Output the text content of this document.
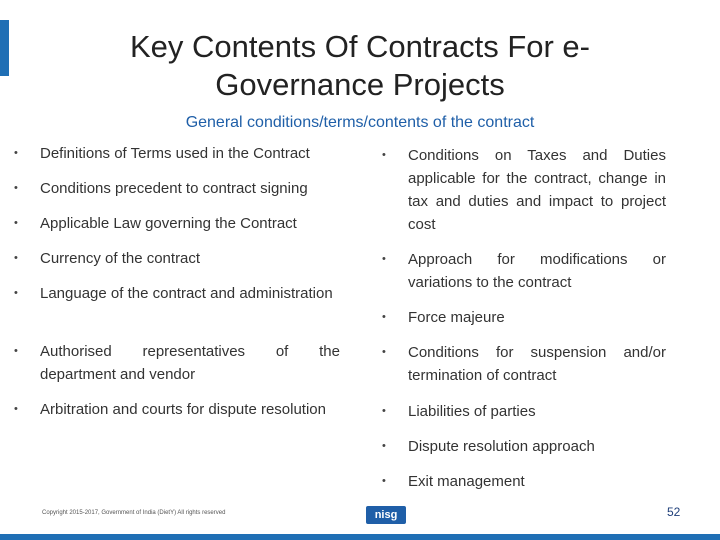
Key Contents Of Contracts For e-Governance Projects
General conditions/terms/contents of the contract
• Definitions of Terms used in the Contract
• Conditions precedent to contract signing
• Applicable Law governing the Contract
• Currency of the contract
• Language of the contract and administration
• Authorised representatives of the department and vendor
• Arbitration and courts for dispute resolution
• Conditions on Taxes and Duties applicable for the contract, change in tax and duties and impact to project cost
• Approach for modifications or variations to the contract
• Force majeure
• Conditions for suspension and/or termination of contract
• Liabilities of parties
• Dispute resolution approach
• Exit management
Copyright 2015-2017, Government of India (DietY) All rights reserved	nisg	52
